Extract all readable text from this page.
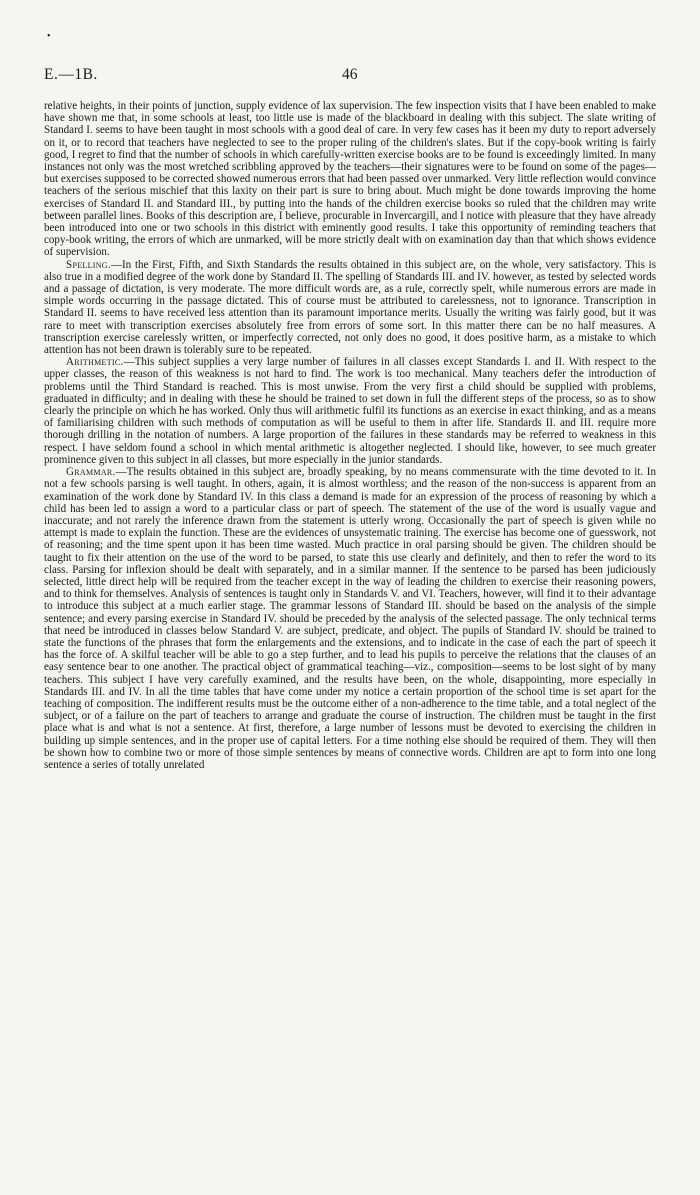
•
E.—1B.	46

relative heights, in their points of junction, supply evidence of lax supervision. The few inspection visits that I have been enabled to make have shown me that, in some schools at least, too little use is made of the blackboard in dealing with this subject. The slate writing of Standard I. seems to have been taught in most schools with a good deal of care. In very few cases has it been my duty to report adversely on it, or to record that teachers have neglected to see to the proper ruling of the children's slates. But if the copy-book writing is fairly good, I regret to find that the number of schools in which carefully-written exercise books are to be found is exceedingly limited. In many instances not only was the most wretched scribbling approved by the teachers—their signatures were to be found on some of the pages—but exercises supposed to be corrected showed numerous errors that had been passed over unmarked. Very little reflection would convince teachers of the serious mischief that this laxity on their part is sure to bring about. Much might be done towards improving the home exercises of Standard II. and Standard III., by putting into the hands of the children exercise books so ruled that the children may write between parallel lines. Books of this description are, I believe, procurable in Invercargill, and I notice with pleasure that they have already been introduced into one or two schools in this district with eminently good results. I take this opportunity of reminding teachers that copy-book writing, the errors of which are unmarked, will be more strictly dealt with on examination day than that which shows evidence of supervision.

Spelling.—In the First, Fifth, and Sixth Standards the results obtained in this subject are, on the whole, very satisfactory. This is also true in a modified degree of the work done by Standard II. The spelling of Standards III. and IV. however, as tested by selected words and a passage of dictation, is very moderate. The more difficult words are, as a rule, correctly spelt, while numerous errors are made in simple words occurring in the passage dictated. This of course must be attributed to carelessness, not to ignorance. Transcription in Standard II. seems to have received less attention than its paramount importance merits. Usually the writing was fairly good, but it was rare to meet with transcription exercises absolutely free from errors of some sort. In this matter there can be no half measures. A transcription exercise carelessly written, or imperfectly corrected, not only does no good, it does positive harm, as a mistake to which attention has not been drawn is tolerably sure to be repeated.

Arithmetic.—This subject supplies a very large number of failures in all classes except Standards I. and II. With respect to the upper classes, the reason of this weakness is not hard to find. The work is too mechanical. Many teachers defer the introduction of problems until the Third Standard is reached. This is most unwise. From the very first a child should be supplied with problems, graduated in difficulty; and in dealing with these he should be trained to set down in full the different steps of the process, so as to show clearly the principle on which he has worked. Only thus will arithmetic fulfil its functions as an exercise in exact thinking, and as a means of familiarising children with such methods of computation as will be useful to them in after life. Standards II. and III. require more thorough drilling in the notation of numbers. A large proportion of the failures in these standards may be referred to weakness in this respect. I have seldom found a school in which mental arithmetic is altogether neglected. I should like, however, to see much greater prominence given to this subject in all classes, but more especially in the junior standards.

Grammar.—The results obtained in this subject are, broadly speaking, by no means commensurate with the time devoted to it. In not a few schools parsing is well taught. In others, again, it is almost worthless; and the reason of the non-success is apparent from an examination of the work done by Standard IV. In this class a demand is made for an expression of the process of reasoning by which a child has been led to assign a word to a particular class or part of speech. The statement of the use of the word is usually vague and inaccurate; and not rarely the inference drawn from the statement is utterly wrong. Occasionally the part of speech is given while no attempt is made to explain the function. These are the evidences of unsystematic training. The exercise has become one of guesswork, not of reasoning; and the time spent upon it has been time wasted. Much practice in oral parsing should be given. The children should be taught to fix their attention on the use of the word to be parsed, to state this use clearly and definitely, and then to refer the word to its class. Parsing for inflexion should be dealt with separately, and in a similar manner. If the sentence to be parsed has been judiciously selected, little direct help will be required from the teacher except in the way of leading the children to exercise their reasoning powers, and to think for themselves. Analysis of sentences is taught only in Standards V. and VI. Teachers, however, will find it to their advantage to introduce this subject at a much earlier stage. The grammar lessons of Standard III. should be based on the analysis of the simple sentence; and every parsing exercise in Standard IV. should be preceded by the analysis of the selected passage. The only technical terms that need be introduced in classes below Standard V. are subject, predicate, and object. The pupils of Standard IV. should be trained to state the functions of the phrases that form the enlargements and the extensions, and to indicate in the case of each the part of speech it has the force of. A skilful teacher will be able to go a step further, and to lead his pupils to perceive the relations that the clauses of an easy sentence bear to one another. The practical object of grammatical teaching—viz., composition—seems to be lost sight of by many teachers. This subject I have very carefully examined, and the results have been, on the whole, disappointing, more especially in Standards III. and IV. In all the time tables that have come under my notice a certain proportion of the school time is set apart for the teaching of composition. The indifferent results must be the outcome either of a non-adherence to the time table, and a total neglect of the subject, or of a failure on the part of teachers to arrange and graduate the course of instruction. The children must be taught in the first place what is and what is not a sentence. At first, therefore, a large number of lessons must be devoted to exercising the children in building up simple sentences, and in the proper use of capital letters. For a time nothing else should be required of them. They will then be shown how to combine two or more of those simple sentences by means of connective words. Children are apt to form into one long sentence a series of totally unrelated
